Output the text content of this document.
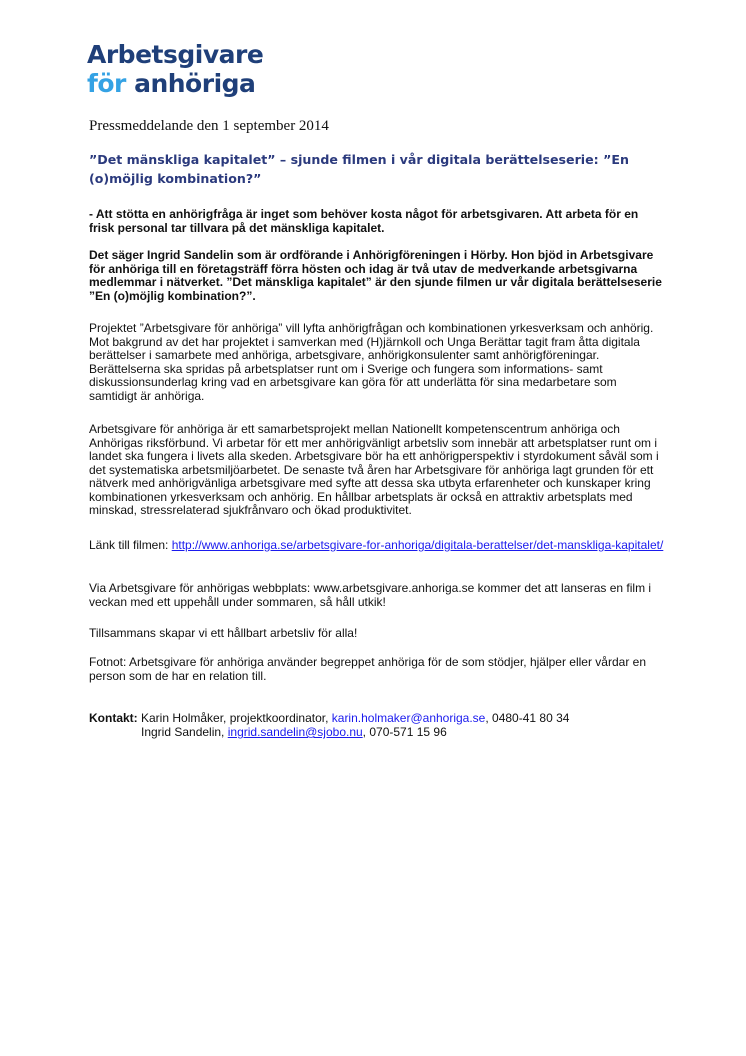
Arbetsgivare
för anhöriga
Pressmeddelande den 1 september 2014
”Det mänskliga kapitalet” – sjunde filmen i vår digitala berättelseserie: ”En (o)möjlig kombination?”
- Att stötta en anhörigfråga är inget som behöver kosta något för arbetsgivaren. Att arbeta för en frisk personal tar tillvara på det mänskliga kapitalet.
Det säger Ingrid Sandelin som är ordförande i Anhörigföreningen i Hörby. Hon bjöd in Arbetsgivare för anhöriga till en företagsträff förra hösten och idag är två utav de medverkande arbetsgivarna medlemmar i nätverket. ”Det mänskliga kapitalet” är den sjunde filmen ur vår digitala berättelseserie ”En (o)möjlig kombination?”.
Projektet ”Arbetsgivare för anhöriga” vill lyfta anhörigfrågan och kombinationen yrkesverksam och anhörig. Mot bakgrund av det har projektet i samverkan med (H)järnkoll och Unga Berättar tagit fram åtta digitala berättelser i samarbete med anhöriga, arbetsgivare, anhörigkonsulenter samt anhörigföreningar. Berättelserna ska spridas på arbetsplatser runt om i Sverige och fungera som informations- samt diskussionsunderlag kring vad en arbetsgivare kan göra för att underlätta för sina medarbetare som samtidigt är anhöriga.
Arbetsgivare för anhöriga är ett samarbetsprojekt mellan Nationellt kompetenscentrum anhöriga och Anhörigas riksförbund. Vi arbetar för ett mer anhörigvänligt arbetsliv som innebär att arbetsplatser runt om i landet ska fungera i livets alla skeden. Arbetsgivare bör ha ett anhörigperspektiv i styrdokument såväl som i det systematiska arbetsmiljöarbetet. De senaste två åren har Arbetsgivare för anhöriga lagt grunden för ett nätverk med anhörigvänliga arbetsgivare med syfte att dessa ska utbyta erfarenheter och kunskaper kring kombinationen yrkesverksam och anhörig. En hållbar arbetsplats är också en attraktiv arbetsplats med minskad, stressrelaterad sjukfrånvaro och ökad produktivitet.
Länk till filmen: http://www.anhoriga.se/arbetsgivare-for-anhoriga/digitala-berattelser/det-manskliga-kapitalet/
Via Arbetsgivare för anhörigas webbplats: www.arbetsgivare.anhoriga.se kommer det att lanseras en film i veckan med ett uppehåll under sommaren, så håll utkik!
Tillsammans skapar vi ett hållbart arbetsliv för alla!
Fotnot: Arbetsgivare för anhöriga använder begreppet anhöriga för de som stödjer, hjälper eller vårdar en person som de har en relation till.
Kontakt: Karin Holmåker, projektkoordinator, karin.holmaker@anhoriga.se, 0480-41 80 34
Ingrid Sandelin, ingrid.sandelin@sjobo.nu, 070-571 15 96
